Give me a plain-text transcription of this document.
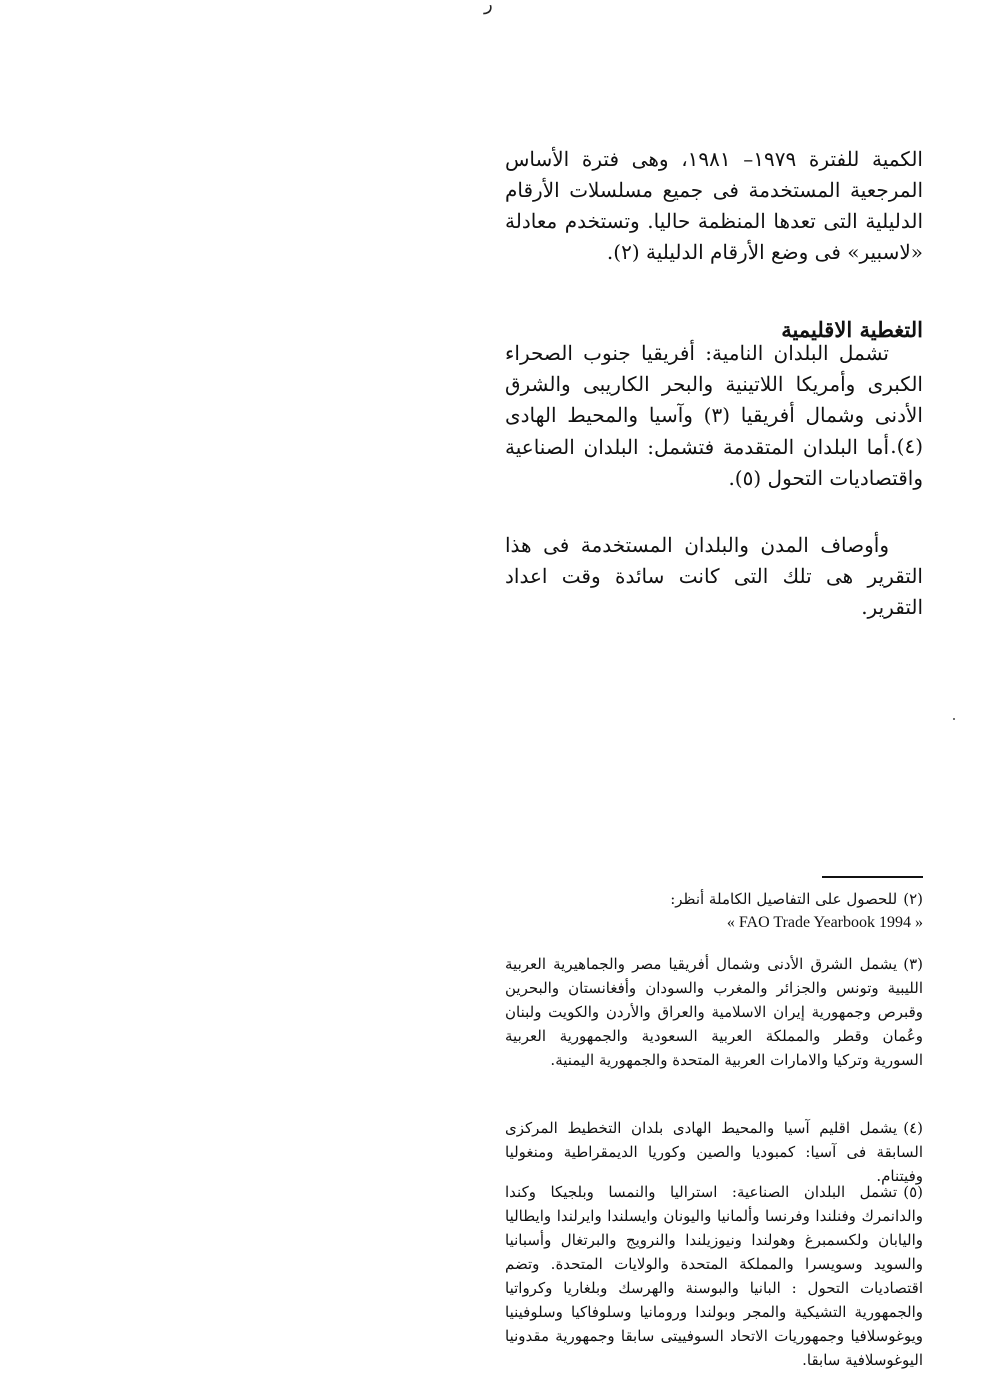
ر

الكمية للفترة ١٩٧٩– ١٩٨١، وهى فترة الأساس المرجعية المستخدمة فى جميع مسلسلات الأرقام الدليلية التى تعدها المنظمة حاليا. وتستخدم معادلة «لاسبير» فى وضع الأرقام الدليلية (٢).

التغطية الاقليمية

تشمل البلدان النامية: أفريقيا جنوب الصحراء الكبرى وأمريكا اللاتينية والبحر الكاريبى والشرق الأدنى وشمال أفريقيا (٣) وآسيا والمحيط الهادى (٤).

أما البلدان المتقدمة فتشمل: البلدان الصناعية واقتصاديات التحول (٥).

وأوصاف المدن والبلدان المستخدمة فى هذا التقرير هى تلك التى كانت سائدة وقت اعداد التقرير.

(٢)للحصول على التفاصيل الكاملة أنظر:
« FAO Trade Yearbook 1994 »
(٣)يشمل الشرق الأدنى وشمال أفريقيا مصر والجماهيرية العربية الليبية وتونس والجزائر والمغرب والسودان وأفغانستان والبحرين وقبرص وجمهورية إيران الاسلامية والعراق والأردن والكويت ولبنان وعُمان وقطر والمملكة العربية السعودية والجمهورية العربية السورية وتركيا والامارات العربية المتحدة والجمهورية اليمنية.
(٤)يشمل اقليم آسيا والمحيط الهادى بلدان التخطيط المركزى السابقة فى آسيا: كمبوديا والصين وكوريا الديمقراطية ومنغوليا وفيتنام.
(٥)تشمل البلدان الصناعية: استراليا والنمسا وبلجيكا وكندا والدانمرك وفنلندا وفرنسا وألمانيا واليونان وايسلندا وايرلندا وايطاليا واليابان ولكسمبرغ وهولندا ونيوزيلندا والنرويج والبرتغال وأسبانيا والسويد وسويسرا والمملكة المتحدة والولايات المتحدة. وتضم اقتصاديات التحول : البانيا والبوسنة والهرسك وبلغاريا وكرواتيا والجمهورية التشيكية والمجر وبولندا ورومانيا وسلوفاكيا وسلوفينيا ويوغوسلافيا وجمهوريات الاتحاد السوفييتى سابقا وجمهورية مقدونيا اليوغوسلافية سابقا.
